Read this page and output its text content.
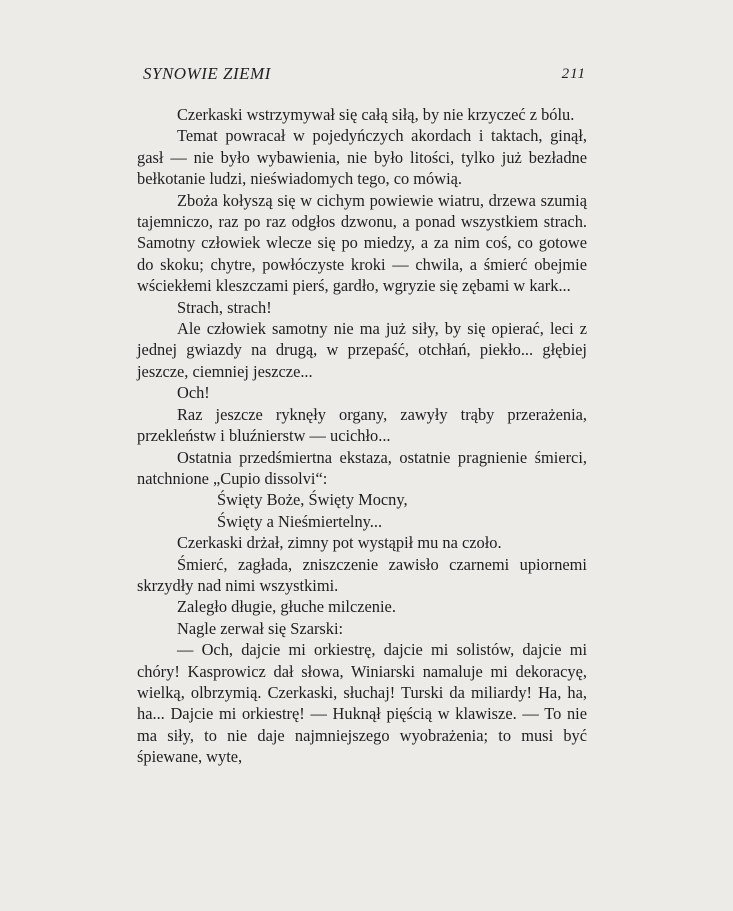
SYNOWIE ZIEMI	211

Czerkaski wstrzymywał się całą siłą, by nie krzyczeć z bólu.

Temat powracał w pojedyńczych akordach i taktach, ginął, gasł — nie było wybawienia, nie było litości, tylko już bezładne bełkotanie ludzi, nieświadomych tego, co mówią.

Zboża kołyszą się w cichym powiewie wiatru, drzewa szumią tajemniczo, raz po raz odgłos dzwonu, a ponad wszystkiem strach. Samotny człowiek wlecze się po miedzy, a za nim coś, co gotowe do skoku; chytre, powłóczyste kroki — chwila, a śmierć obejmie wściekłemi kleszczami pierś, gardło, wgryzie się zębami w kark...

Strach, strach!

Ale człowiek samotny nie ma już siły, by się opierać, leci z jednej gwiazdy na drugą, w przepaść, otchłań, piekło... głębiej jeszcze, ciemniej jeszcze...

Och!

Raz jeszcze ryknęły organy, zawyły trąby przerażenia, przekleństw i bluźnierstw — ucichło...

Ostatnia przedśmiertna ekstaza, ostatnie pragnienie śmierci, natchnione „Cupio dissolvi“:

Święty Boże, Święty Mocny,

Święty a Nieśmiertelny...

Czerkaski drżał, zimny pot wystąpił mu na czoło.

Śmierć, zagłada, zniszczenie zawisło czarnemi upiornemi skrzydły nad nimi wszystkimi.

Zaległo długie, głuche milczenie.

Nagle zerwał się Szarski:

— Och, dajcie mi orkiestrę, dajcie mi solistów, dajcie mi chóry! Kasprowicz dał słowa, Winiarski namaluje mi dekoracyę, wielką, olbrzymią. Czerkaski, słuchaj! Turski da miliardy! Ha, ha, ha... Dajcie mi orkiestrę! — Huknął pięścią w klawisze. — To nie ma siły, to nie daje najmniejszego wyobrażenia; to musi być śpiewane, wyte,
